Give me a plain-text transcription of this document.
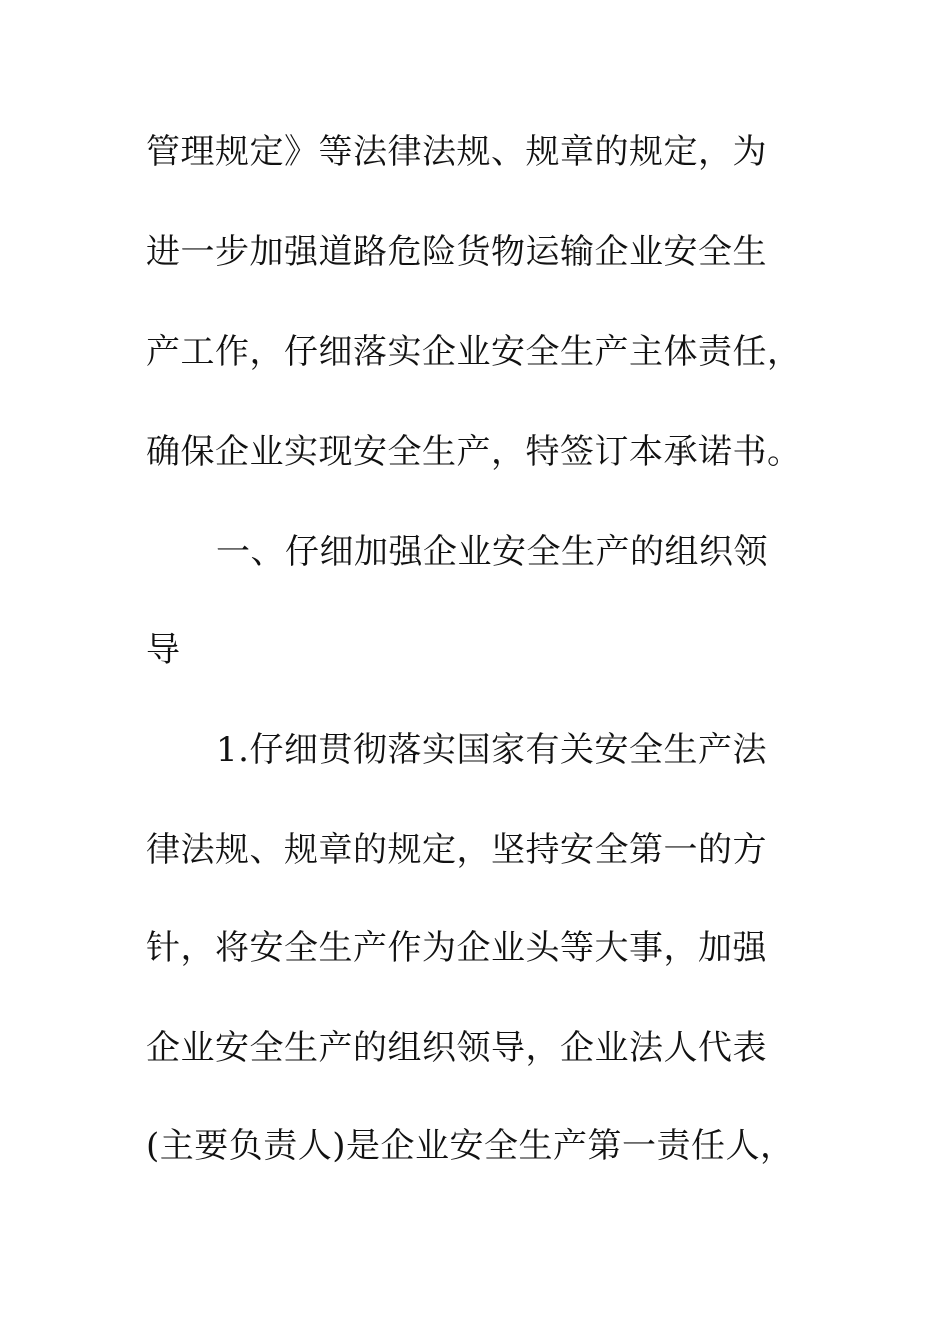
管理规定》等法律法规、规章的规定，为
进一步加强道路危险货物运输企业安全生
产工作，仔细落实企业安全生产主体责任，
确保企业实现安全生产，特签订本承诺书。
一、仔细加强企业安全生产的组织领
导
1.仔细贯彻落实国家有关安全生产法
律法规、规章的规定，坚持安全第一的方
针，将安全生产作为企业头等大事，加强
企业安全生产的组织领导，企业法人代表
(主要负责人)是企业安全生产第一责任人，
